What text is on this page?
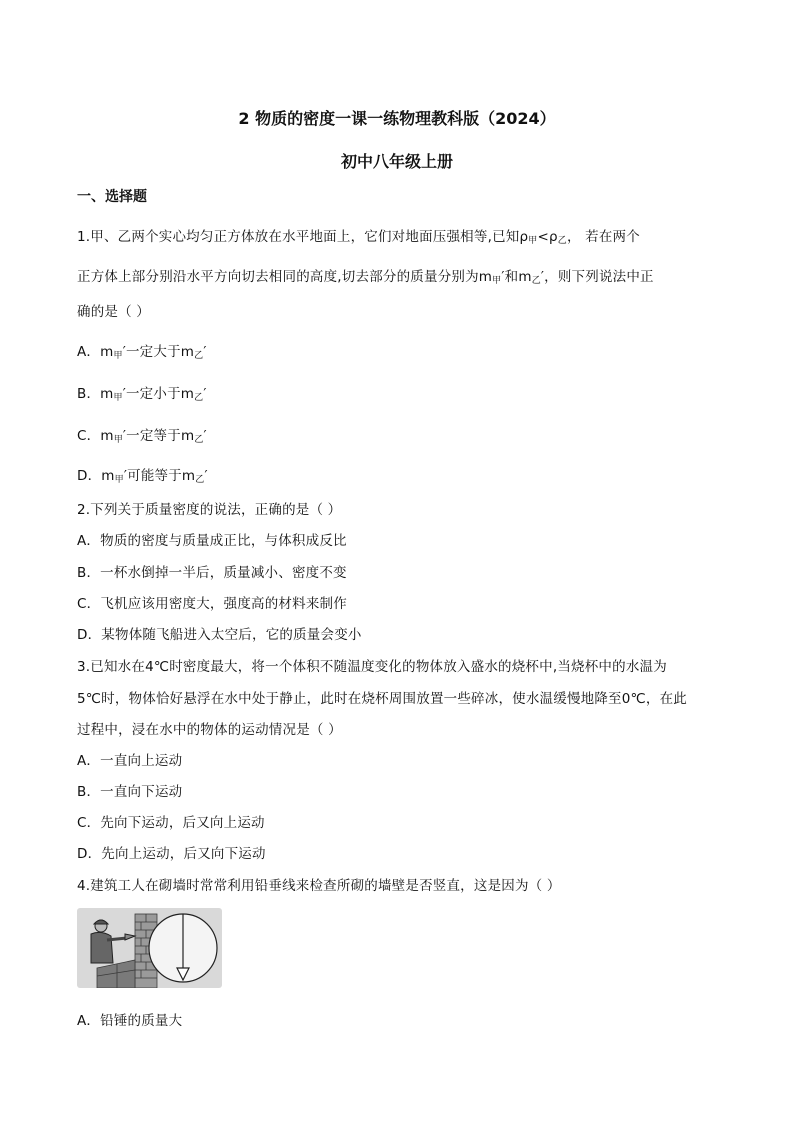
2 物质的密度一课一练物理教科版（2024）
初中八年级上册
一、选择题
1.甲、乙两个实心均匀正方体放在水平地面上，它们对地面压强相等,已知$\rho_甲<\rho_乙$， 若在两个
正方体上部分别沿水平方向切去相同的高度,切去部分的质量分别为$m_甲'$和$m_乙'$，则下列说法中正
确的是（ ）
A．$m_甲'$一定大于$m_乙'$
B．$m_甲'$一定小于$m_乙'$
C．$m_甲'$一定等于$m_乙'$
D．$m_甲'$可能等于$m_乙'$
2.下列关于质量密度的说法，正确的是（ ）
A．物质的密度与质量成正比，与体积成反比
B．一杯水倒掉一半后，质量减小、密度不变
C．飞机应该用密度大，强度高的材料来制作
D．某物体随飞船进入太空后，它的质量会变小
3.已知水在4℃时密度最大，将一个体积不随温度变化的物体放入盛水的烧杯中,当烧杯中的水温为
5℃时，物体恰好悬浮在水中处于静止，此时在烧杯周围放置一些碎冰，使水温缓慢地降至0℃，在此
过程中，浸在水中的物体的运动情况是（ ）
A．一直向上运动
B．一直向下运动
C．先向下运动，后又向上运动
D．先向上运动，后又向下运动
4.建筑工人在砌墙时常常利用铅垂线来检查所砌的墙壁是否竖直，这是因为（ ）
A．铅锤的质量大
